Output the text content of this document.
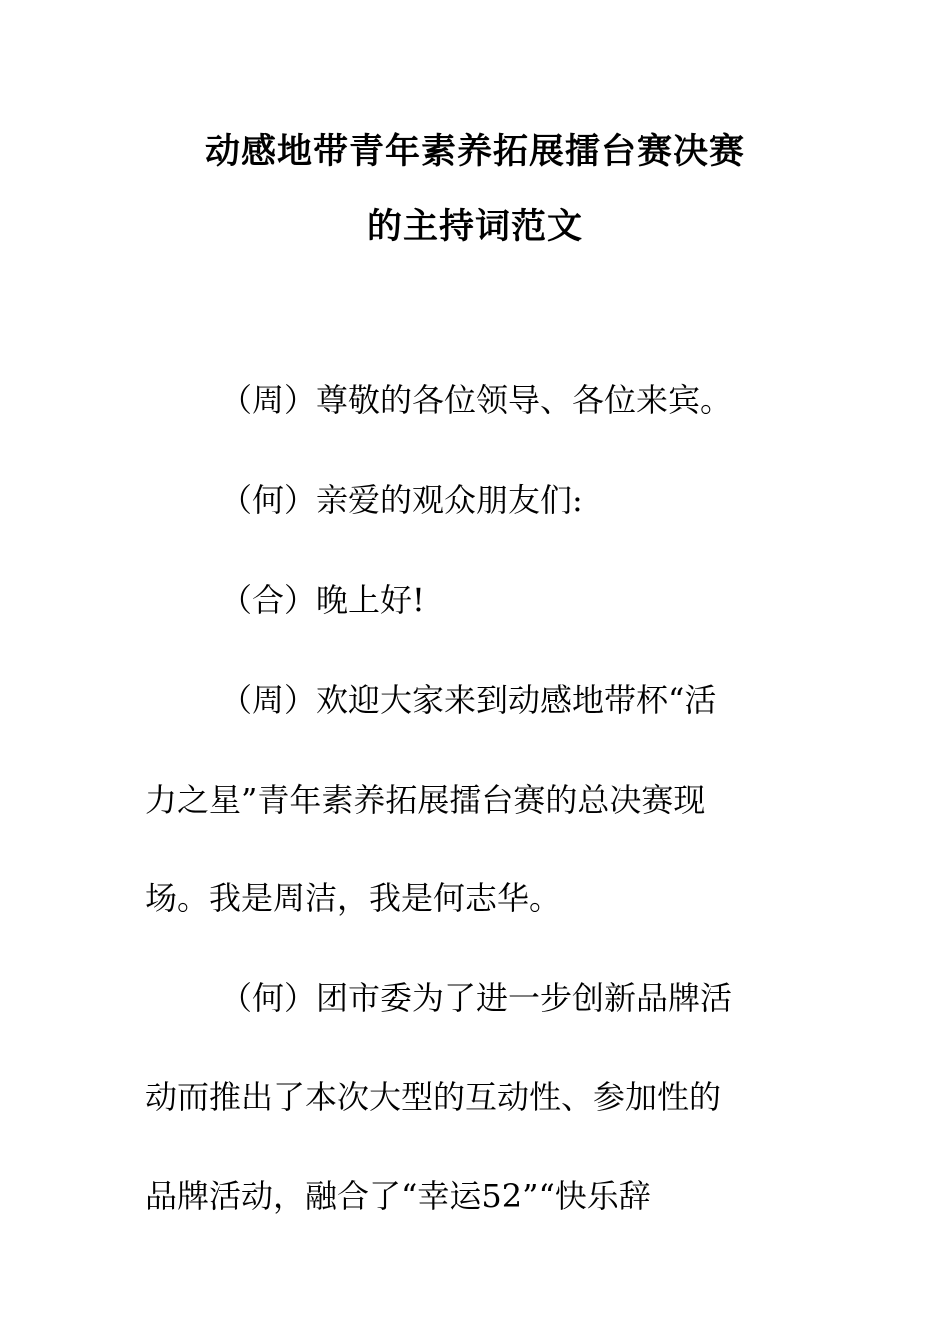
动感地带青年素养拓展擂台赛决赛
的主持词范文
（周）尊敬的各位领导、各位来宾。
（何）亲爱的观众朋友们:
（合）晚上好!
（周）欢迎大家来到动感地带杯“活
力之星”青年素养拓展擂台赛的总决赛现
场。我是周洁，我是何志华。
（何）团市委为了进一步创新品牌活
动而推出了本次大型的互动性、参加性的
品牌活动，融合了“幸运52”“快乐辞
